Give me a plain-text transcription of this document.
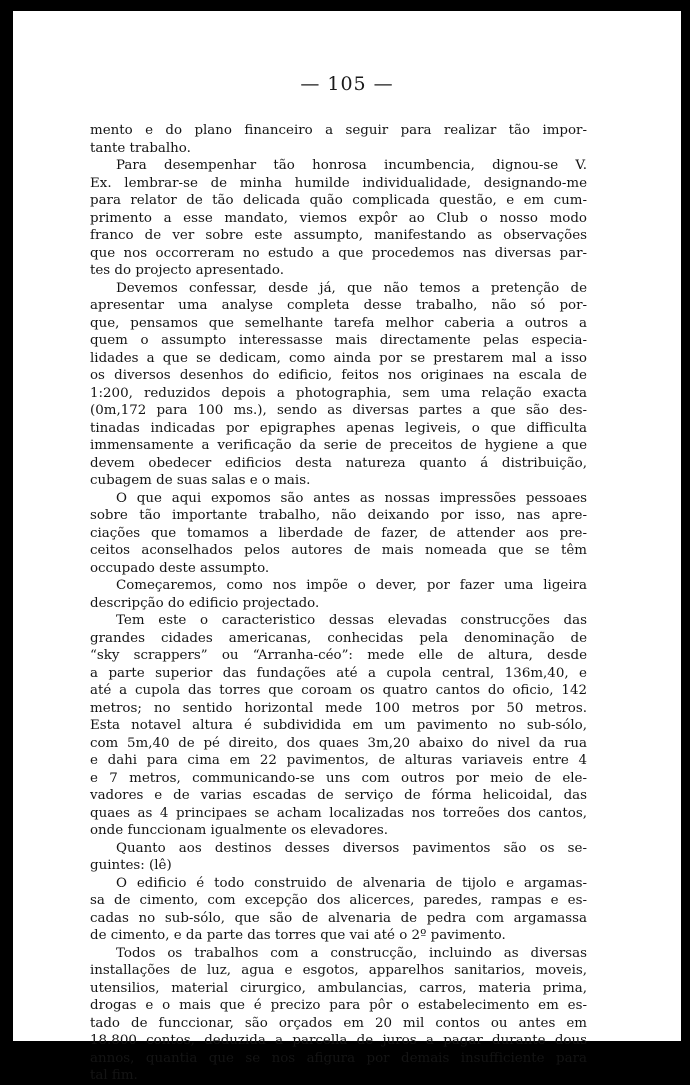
— 105 —
mento e do plano financeiro a seguir para realizar tão impor-
tante trabalho.
Para desempenhar tão honrosa incumbencia, dignou-se V.
Ex. lembrar-se de minha humilde individualidade, designando-me
para relator de tão delicada quão complicada questão, e em cum-
primento a esse mandato, viemos expôr ao Club o nosso modo
franco de ver sobre este assumpto, manifestando as observações
que nos occorreram no estudo a que procedemos nas diversas par-
tes do projecto apresentado.
Devemos confessar, desde já, que não temos a pretenção de
apresentar uma analyse completa desse trabalho, não só por-
que, pensamos que semelhante tarefa melhor caberia a outros a
quem o assumpto interessasse mais directamente pelas especia-
lidades a que se dedicam, como ainda por se prestarem mal a isso
os diversos desenhos do edificio, feitos nos originaes na escala de
1:200, reduzidos depois a photographia, sem uma relação exacta
(0m,172 para 100 ms.), sendo as diversas partes a que são des-
tinadas indicadas por epigraphes apenas legiveis, o que difficulta
immensamente a verificação da serie de preceitos de hygiene a que
devem obedecer edificios desta natureza quanto á distribuição,
cubagem de suas salas e o mais.
O que aqui expomos são antes as nossas impressões pessoaes
sobre tão importante trabalho, não deixando por isso, nas apre-
ciações que tomamos a liberdade de fazer, de attender aos pre-
ceitos aconselhados pelos autores de mais nomeada que se têm
occupado deste assumpto.
Começaremos, como nos impõe o dever, por fazer uma ligeira
descripção do edificio projectado.
Tem este o caracteristico dessas elevadas construcções das
grandes cidades americanas, conhecidas pela denominação de
“sky scrappers” ou “Arranha-céo”: mede elle de altura, desde
a parte superior das fundações até a cupola central, 136m,40, e
até a cupola das torres que coroam os quatro cantos do oficio, 142
metros; no sentido horizontal mede 100 metros por 50 metros.
Esta notavel altura é subdividida em um pavimento no sub-sólo,
com 5m,40 de pé direito, dos quaes 3m,20 abaixo do nivel da rua
e dahi para cima em 22 pavimentos, de alturas variaveis entre 4
e 7 metros, communicando-se uns com outros por meio de ele-
vadores e de varias escadas de serviço de fórma helicoidal, das
quaes as 4 principaes se acham localizadas nos torreões dos cantos,
onde funccionam igualmente os elevadores.
Quanto aos destinos desses diversos pavimentos são os se-
guintes: (lê)
O edificio é todo construido de alvenaria de tijolo e argamas-
sa de cimento, com excepção dos alicerces, paredes, rampas e es-
cadas no sub-sólo, que são de alvenaria de pedra com argamassa
de cimento, e da parte das torres que vai até o 2º pavimento.
Todos os trabalhos com a construcção, incluindo as diversas
installações de luz, agua e esgotos, apparelhos sanitarios, moveis,
utensilios, material cirurgico, ambulancias, carros, materia prima,
drogas e o mais que é precizo para pôr o estabelecimento em es-
tado de funccionar, são orçados em 20 mil contos ou antes em
18.800 contos, deduzida a parcella de juros a pagar durante dous
annos, quantia que se nos afigura por demais insufficiente para
tal fim.
